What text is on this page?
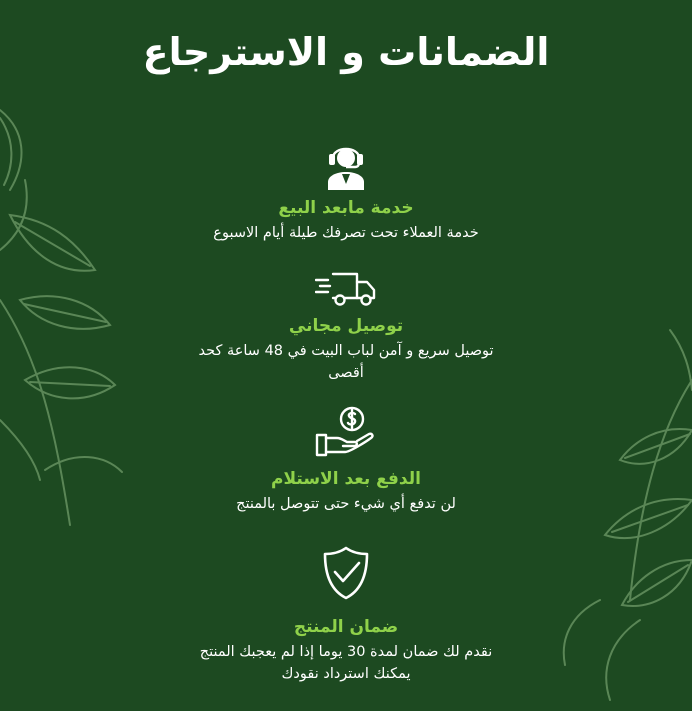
الضمانات و الاسترجاع
خدمة مابعد البيع
خدمة العملاء تحت تصرفك طيلة أيام الاسبوع
توصيل مجاني
توصيل سريع و آمن لباب البيت في 48 ساعة كحد أقصى
الدفع بعد الاستلام
لن تدفع أي شيء حتى تتوصل بالمنتج
ضمان المنتج
نقدم لك ضمان لمدة 30 يوما إذا لم يعجبك المنتج يمكنك استرداد نقودك
